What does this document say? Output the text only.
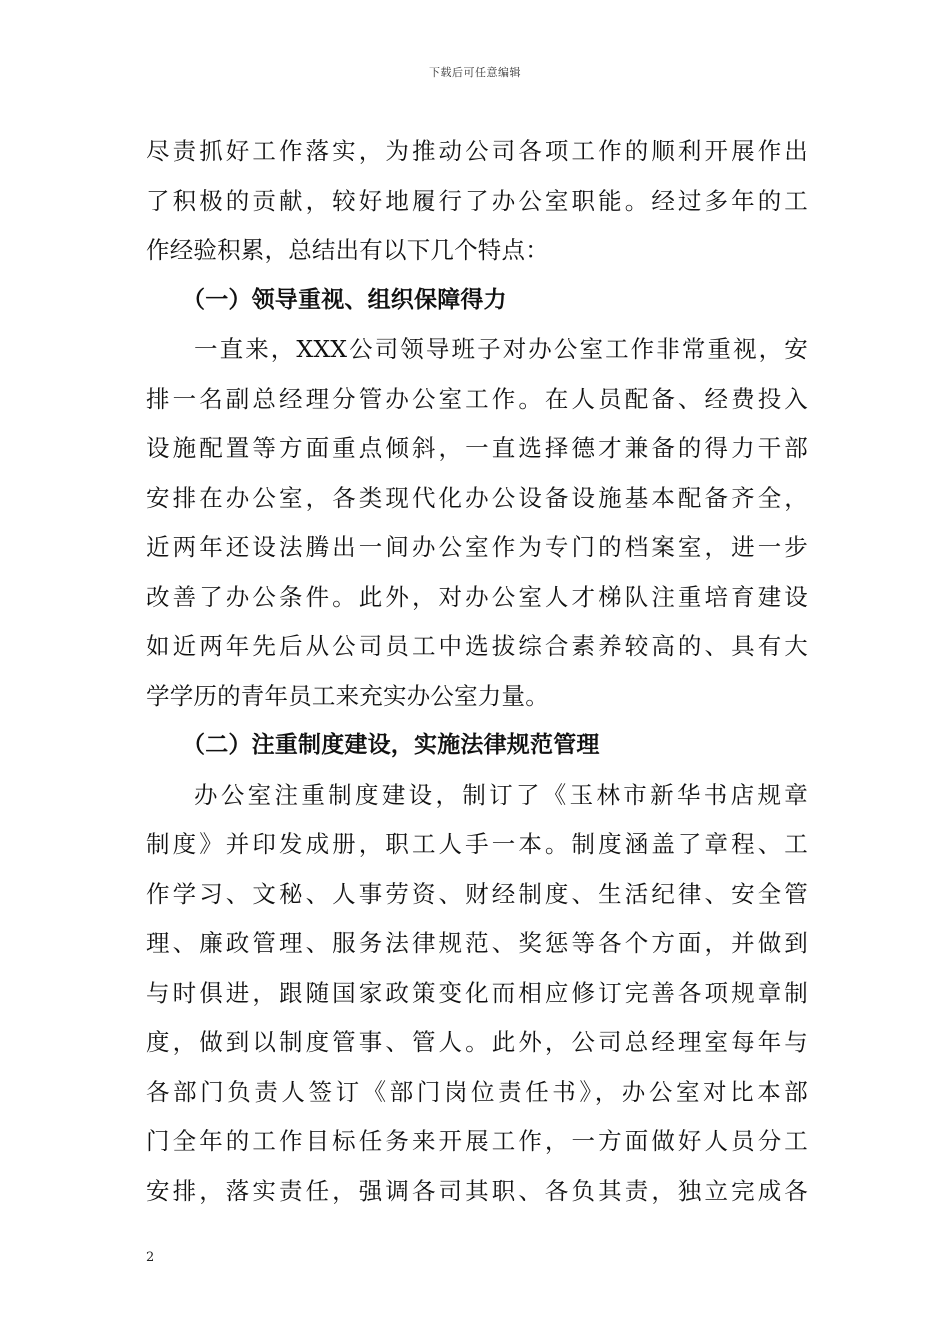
下载后可任意编辑
尽责抓好工作落实，为推动公司各项工作的顺利开展作出
了积极的贡献，较好地履行了办公室职能。经过多年的工
作经验积累，总结出有以下几个特点：
（一）领导重视、组织保障得力
一直来，XXX公司领导班子对办公室工作非常重视，安
排一名副总经理分管办公室工作。在人员配备、经费投入
设施配置等方面重点倾斜，一直选择德才兼备的得力干部
安排在办公室，各类现代化办公设备设施基本配备齐全，
近两年还设法腾出一间办公室作为专门的档案室，进一步
改善了办公条件。此外，对办公室人才梯队注重培育建设
如近两年先后从公司员工中选拔综合素养较高的、具有大
学学历的青年员工来充实办公室力量。
（二）注重制度建设，实施法律规范管理
办公室注重制度建设，制订了《玉林市新华书店规章
制度》并印发成册，职工人手一本。制度涵盖了章程、工
作学习、文秘、人事劳资、财经制度、生活纪律、安全管
理、廉政管理、服务法律规范、奖惩等各个方面，并做到
与时俱进，跟随国家政策变化而相应修订完善各项规章制
度，做到以制度管事、管人。此外，公司总经理室每年与
各部门负责人签订《部门岗位责任书》，办公室对比本部
门全年的工作目标任务来开展工作，一方面做好人员分工
安排，落实责任，强调各司其职、各负其责，独立完成各
2
